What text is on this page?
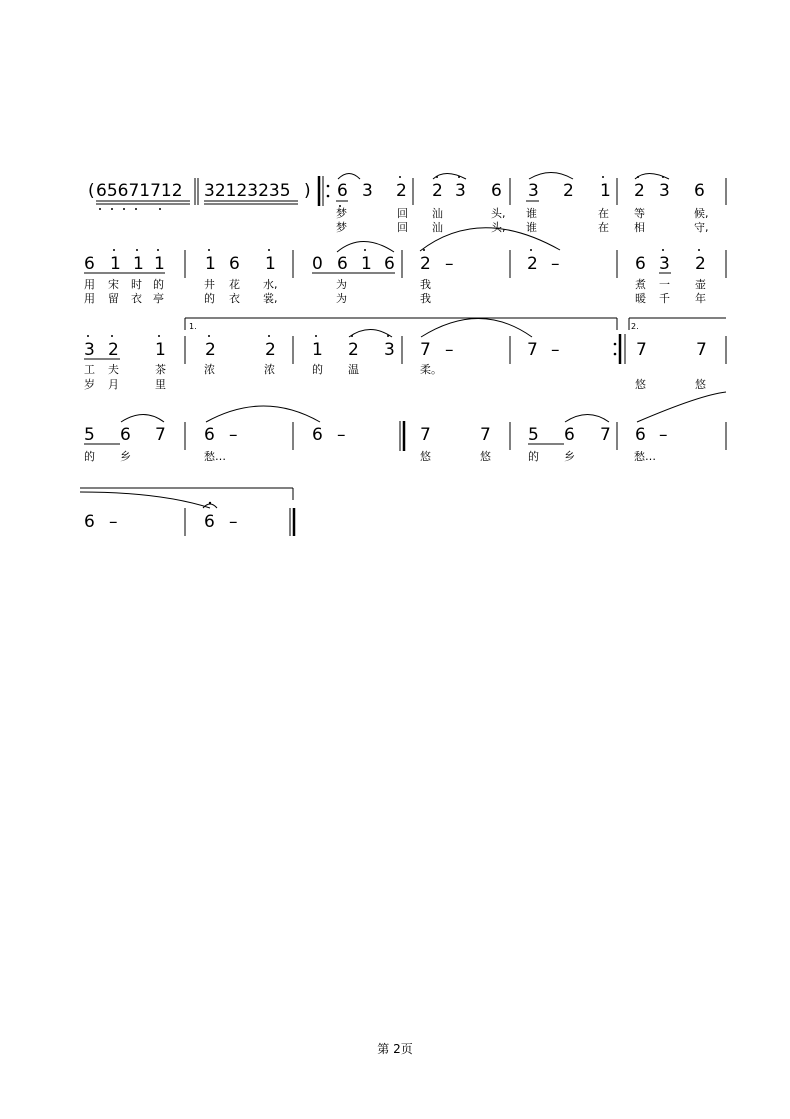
( 65671712 32123235 ) 6 3 2 2 3 6 3 2 1 2 3 6
梦	回 汕	头, 谁	在 等	候,
梦	回 汕	头, 谁	在 相	守,
6 1 1 1 1 6 1 0 6 1 6 2 –	2 –	6 3 2
用 宋 时 的	井 花 水,	为	我	煮 一 壶
用 留 衣 亭	的 衣 裳,	为	我	暖 千 年
3 2 1 2	2 1 2 3 7 –	7 –	7	7
工 夫	茶	浓	浓	的 温	柔。
岁 月	里	悠	悠
1.	2.
5 6 7 6 –	6 –	7	7 5 6 7 6 –
的 乡	愁…	悠	悠	的 乡	愁…
6 –	6 –
第 2页
